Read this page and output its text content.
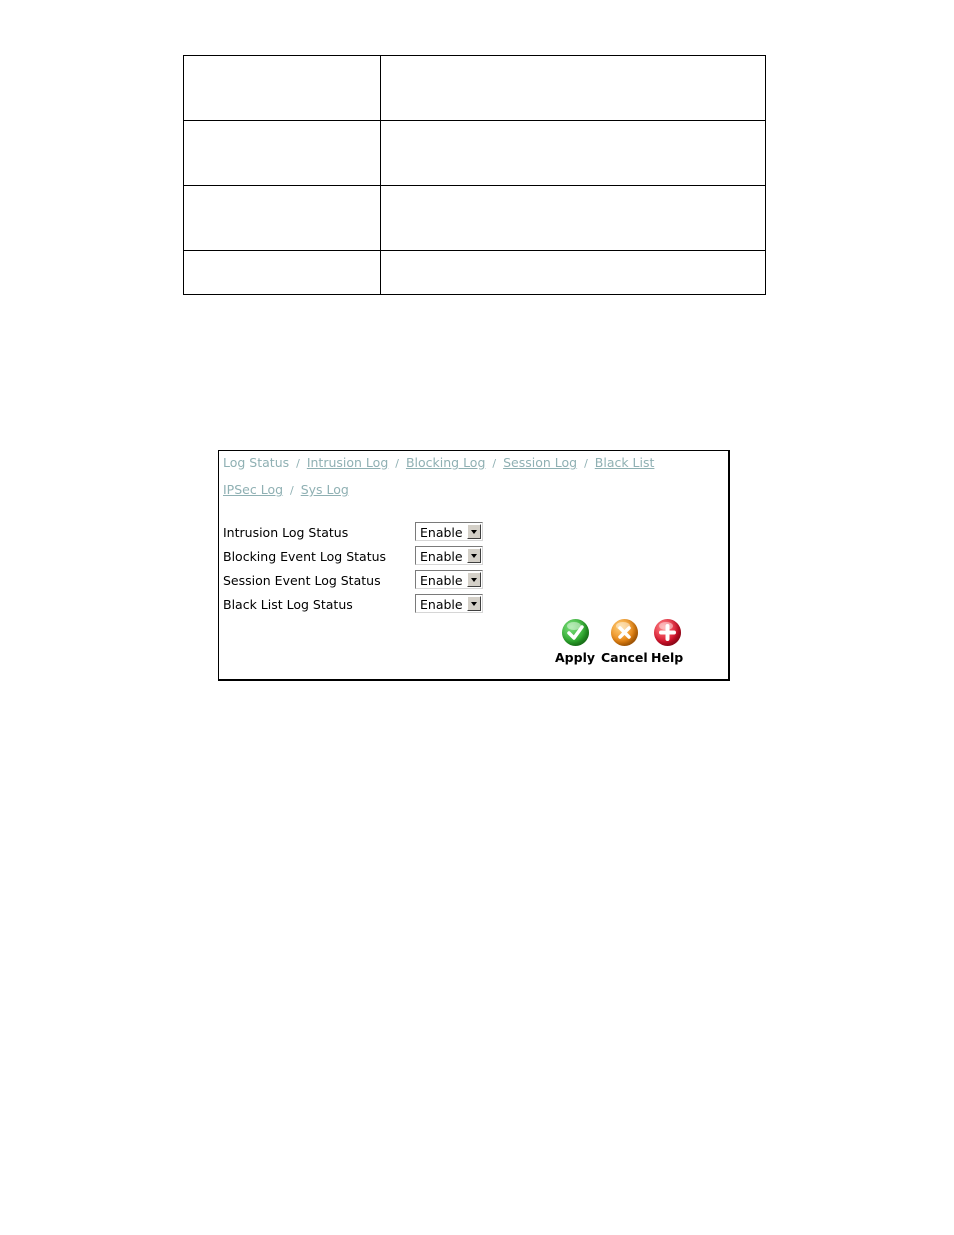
Log Status / Intrusion Log / Blocking Log / Session Log / Black List
IPSec Log / Sys Log
Intrusion Log Status	Enable
Blocking Event Log Status	Enable
Session Event Log Status	Enable
Black List Log Status	Enable
Apply Cancel Help
